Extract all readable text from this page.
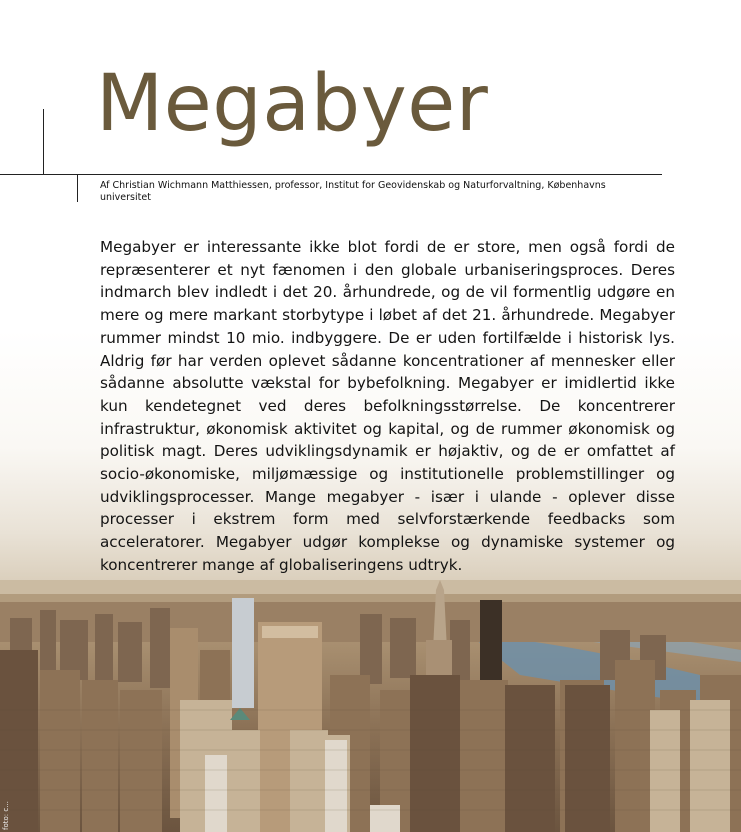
Megabyer
Af Christian Wichmann Matthiessen, professor, Institut for Geovidenskab og Naturforvaltning, Københavns universitet

Megabyer er interessante ikke blot fordi de er store, men også fordi de repræsenterer et nyt fænomen i den globale urbaniseringsproces. Deres indmarch blev indledt i det 20. århundrede, og de vil formentlig udgøre en mere og mere markant storbytype i løbet af det 21. århundrede. Megabyer rummer mindst 10 mio. indbyggere. De er uden fortilfælde i historisk lys. Aldrig før har verden oplevet sådanne koncentrationer af mennesker eller sådanne absolutte vækstal for bybefolkning. Megabyer er imidlertid ikke kun kendetegnet ved deres befolkningsstørrelse. De koncentrerer infrastruktur, økonomisk aktivitet og kapital, og de rummer økonomisk og politisk magt. Deres udviklingsdynamik er højaktiv, og de er omfattet af socio-økonomiske, miljømæssige og institutionelle problemstillinger og udviklingsprocesser. Mange megabyer - især i ulande - oplever disse processer i ekstrem form med selvforstærkende feedbacks som acceleratorer. Megabyer udgør komplekse og dynamiske systemer og koncentrerer mange af globaliseringens udtryk.

foto: c...
